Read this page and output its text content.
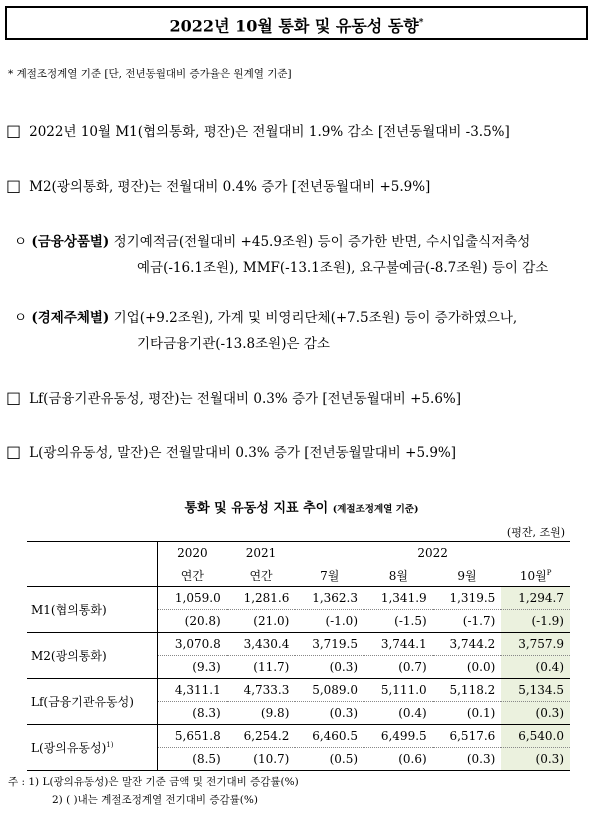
2022년 10월 통화 및 유동성 동향*
* 계절조정계열 기준 [단, 전년동월대비 증가율은 원계열 기준]
□ 2022년 10월 M1(협의통화, 평잔)은 전월대비 1.9% 감소 [전년동월대비 -3.5%]
□ M2(광의통화, 평잔)는 전월대비 0.4% 증가 [전년동월대비 +5.9%]
ㅇ (금융상품별) 정기예적금(전월대비 +45.9조원) 등이 증가한 반면, 수시입출식저축성
예금(-16.1조원), MMF(-13.1조원), 요구불예금(-8.7조원) 등이 감소
ㅇ (경제주체별) 기업(+9.2조원), 가계 및 비영리단체(+7.5조원) 등이 증가하였으나,
기타금융기관(-13.8조원)은 감소
□ Lf(금융기관유동성, 평잔)는 전월대비 0.3% 증가 [전년동월대비 +5.6%]
□ L(광의유동성, 말잔)은 전월말대비 0.3% 증가 [전년동월말대비 +5.9%]
통화 및 유동성 지표 추이 (계절조정계열 기준)
(평잔, 조원)
	2020	2021	2022			
	연간	연간	7월	8월	9월	10월$^P$
M1(협의통화)	1,059.0	1,281.6	1,362.3	1,341.9	1,319.5	1,294.7
	(20.8)	(21.0)	(-1.0)	(-1.5)	(-1.7)	(-1.9)
M2(광의통화)	3,070.8	3,430.4	3,719.5	3,744.1	3,744.2	3,757.9
	(9.3)	(11.7)	(0.3)	(0.7)	(0.0)	(0.4)
Lf(금융기관유동성)	4,311.1	4,733.3	5,089.0	5,111.0	5,118.2	5,134.5
	(8.3)	(9.8)	(0.3)	(0.4)	(0.1)	(0.3)
L(광의유동성)$^{1)}$	5,651.8	6,254.2	6,460.5	6,499.5	6,517.6	6,540.0
	(8.5)	(10.7)	(0.5)	(0.6)	(0.3)	(0.3)
주 : 1) L(광의유동성)은 말잔 기준 금액 및 전기대비 증감률(%)
2) ( )내는 계절조정계열 전기대비 증감률(%)
